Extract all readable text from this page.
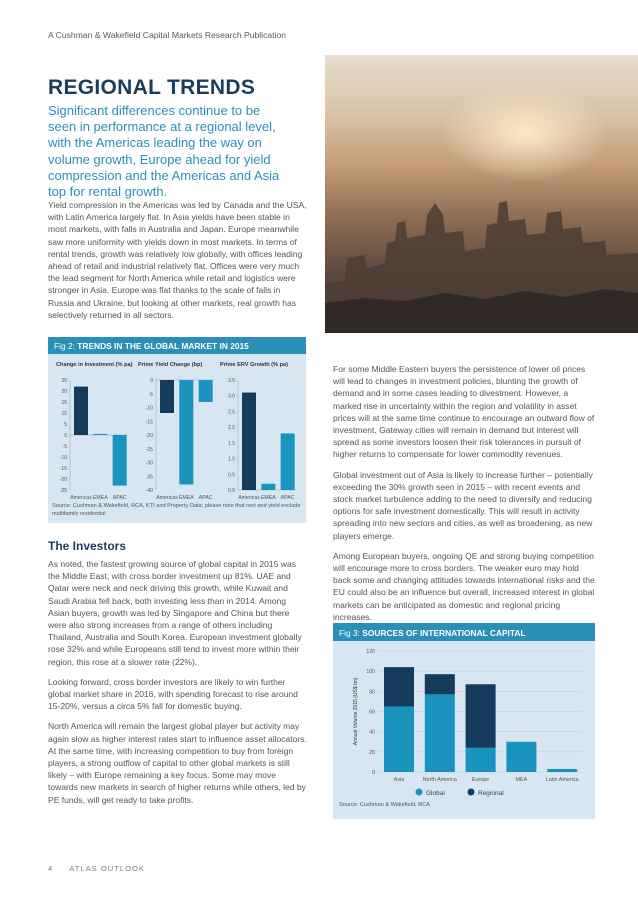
A Cushman & Wakefield Capital Markets Research Publication
REGIONAL TRENDS
Significant differences continue to be seen in performance at a regional level, with the Americas leading the way on volume growth, Europe ahead for yield compression and the Americas and Asia top for rental growth.
Yield compression in the Americas was led by Canada and the USA, with Latin America largely flat. In Asia yields have been stable in most markets, with falls in Australia and Japan. Europe meanwhile saw more uniformity with yields down in most markets. In terms of rental trends, growth was relatively low globally, with offices leading ahead of retail and industrial relatively flat. Offices were very much the lead segment for North America while retail and logistics were stronger in Asia. Europe was flat thanks to the scale of falls in Russia and Ukraine, but looking at other markets, real growth has selectively returned in all sectors.
Fig 2: TRENDS IN THE GLOBAL MARKET IN 2015
Change in Investment (% pa)
25
20
15
10
5
0
-5
-10
-15
-20
-25
Americas EMEA APAC
Prime Yield Change (bp)
0
-5
-10
-15
-20
-25
-30
-35
-40
Americas EMEA APAC
Prime ERV Growth (% pa)
3.5
3.0
2.5
2.0
1.5
1.0
0.5
0.0
Americas EMEA APAC
Source: Cushman & Wakefield, RCA, KTI and Property Data; please note that rent and yield exclude multifamily residential
The Investors

As noted, the fastest growing source of global capital in 2015 was the Middle East, with cross border investment up 81%. UAE and Qatar were neck and neck driving this growth, while Kuwait and Saudi Arabia fell back, both investing less than in 2014. Among Asian buyers, growth was led by Singapore and China but there were also strong increases from a range of others including Thailand, Australia and South Korea. European investment globally rose 32% and while Europeans still tend to invest more within their region, this rose at a slower rate (22%).

Looking forward, cross border investors are likely to win further global market share in 2016, with spending forecast to rise around 15-20%, versus a circa 5% fall for domestic buying.

North America will remain the largest global player but activity may again slow as higher interest rates start to influence asset allocators. At the same time, with increasing competition to buy from foreign players, a strong outflow of capital to other global markets is still likely – with Europe remaining a key focus. Some may move towards new markets in search of higher returns while others, led by PE funds, will get ready to take profits.

For some Middle Eastern buyers the persistence of lower oil prices will lead to changes in investment policies, blunting the growth of demand and in some cases leading to divestment. However, a marked rise in uncertainty within the region and volatility in asset prices will at the same time continue to encourage an outward flow of investment. Gateway cities will remain in demand but interest will spread as some investors loosen their risk tolerances in pursuit of higher returns to compensate for lower commodity revenues.

Global investment out of Asia is likely to increase further – potentially exceeding the 30% growth seen in 2015 – with recent events and stock market turbulence adding to the need to diversify and reducing options for safe investment domestically. This will result in activity spreading into new sectors and cities, as well as broadening, as new players emerge.

Among European buyers, ongoing QE and strong buying competition will encourage more to cross borders. The weaker euro may hold back some and changing attitudes towards international risks and the EU could also be an influence but overall, increased interest in global markets can be anticipated as domestic and regional pricing increases.

Fig 3: SOURCES OF INTERNATIONAL CAPITAL
0
20
40
60
80
100
120
Annual Volume 2015 (US$ bn)
Asia	North America	Europe	MEA	Latin America
Global	Regional
Source: Cushman & Wakefield, RCA
4 ATLAS OUTLOOK
